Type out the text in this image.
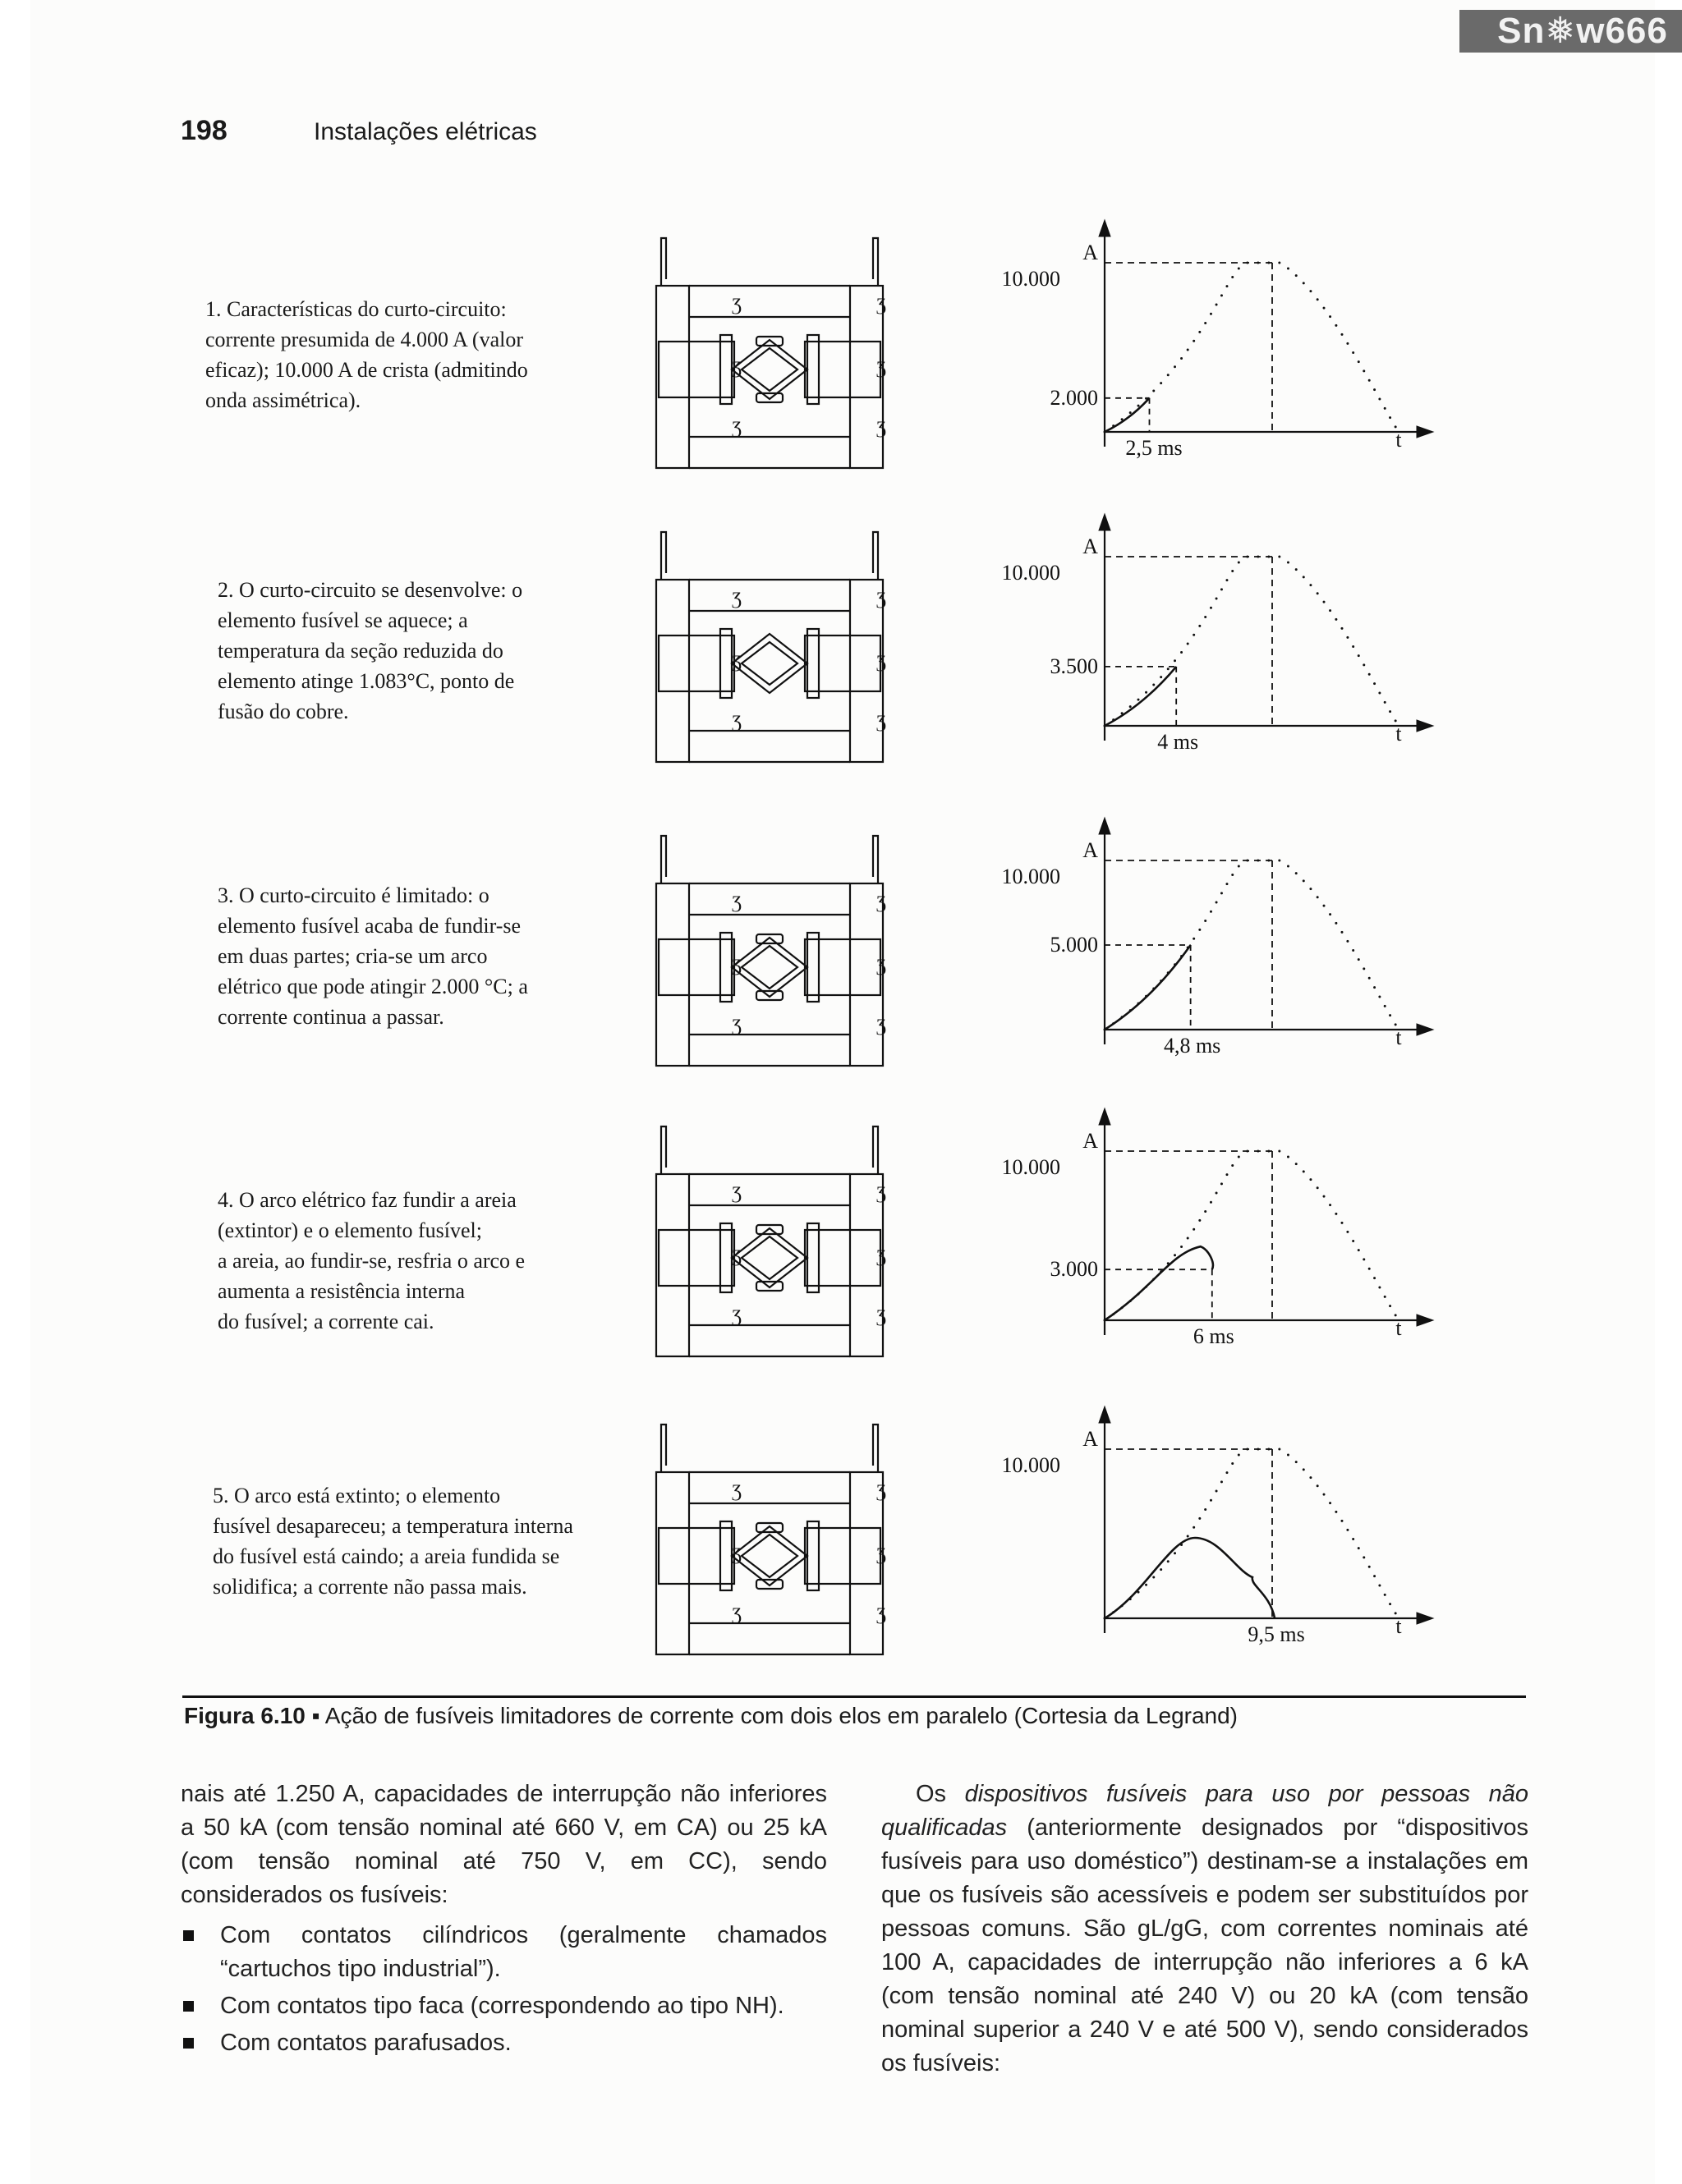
Sn❅w666
198	Instalações elétricas
1. Características do curto-circuito:
corrente presumida de 4.000 A (valor
eficaz); 10.000 A de crista (admitindo
onda assimétrica).
2. O curto-circuito se desenvolve: o
elemento fusível se aquece; a
temperatura da seção reduzida do
elemento atinge 1.083°C, ponto de
fusão do cobre.
3. O curto-circuito é limitado: o
elemento fusível acaba de fundir-se
em duas partes; cria-se um arco
elétrico que pode atingir 2.000 °C; a
corrente continua a passar.
4. O arco elétrico faz fundir a areia
(extintor) e o elemento fusível;
a areia, ao fundir-se, resfria o arco e
aumenta a resistência interna
do fusível; a corrente cai.
5. O arco está extinto; o elemento
fusível desapareceu; a temperatura interna
do fusível está caindo; a areia fundida se
solidifica; a corrente não passa mais.
Ʒ
Ʒ
Ʒ
Ʒ
Ʒ
Ʒ
2.000
10.000
A
t
2,5 ms
Ʒ
Ʒ
Ʒ
Ʒ
Ʒ
Ʒ
3.500
10.000
A
t
4 ms
Ʒ
Ʒ
Ʒ
Ʒ
Ʒ
Ʒ
5.000
10.000
A
t
4,8 ms
Ʒ
Ʒ
Ʒ
Ʒ
Ʒ
Ʒ
3.000
10.000
A
t
6 ms
Ʒ
Ʒ
Ʒ
Ʒ
Ʒ
Ʒ
10.000
A
t
9,5 ms
Figura 6.10 ▪ Ação de fusíveis limitadores de corrente com dois elos em paralelo (Cortesia da Legrand)

nais até 1.250 A, capacidades de interrupção não inferiores a 50 kA (com tensão nominal até 660 V, em CA) ou 25 kA (com tensão nominal até 750 V, em CC), sendo considerados os fusíveis:

Com contatos cilíndricos (geralmente chamados “cartuchos tipo industrial”).
Com contatos tipo faca (correspondendo ao tipo NH).
Com contatos parafusados.

Os dispositivos fusíveis para uso por pessoas não qualificadas (anteriormente designados por “dispositivos fusíveis para uso doméstico”) destinam-se a instalações em que os fusíveis são acessíveis e podem ser substituídos por pessoas comuns. São gL/gG, com correntes nominais até 100 A, capacidades de interrupção não inferiores a 6 kA (com tensão nominal até 240 V) ou 20 kA (com tensão nominal superior a 240 V e até 500 V), sendo considerados os fusíveis:
